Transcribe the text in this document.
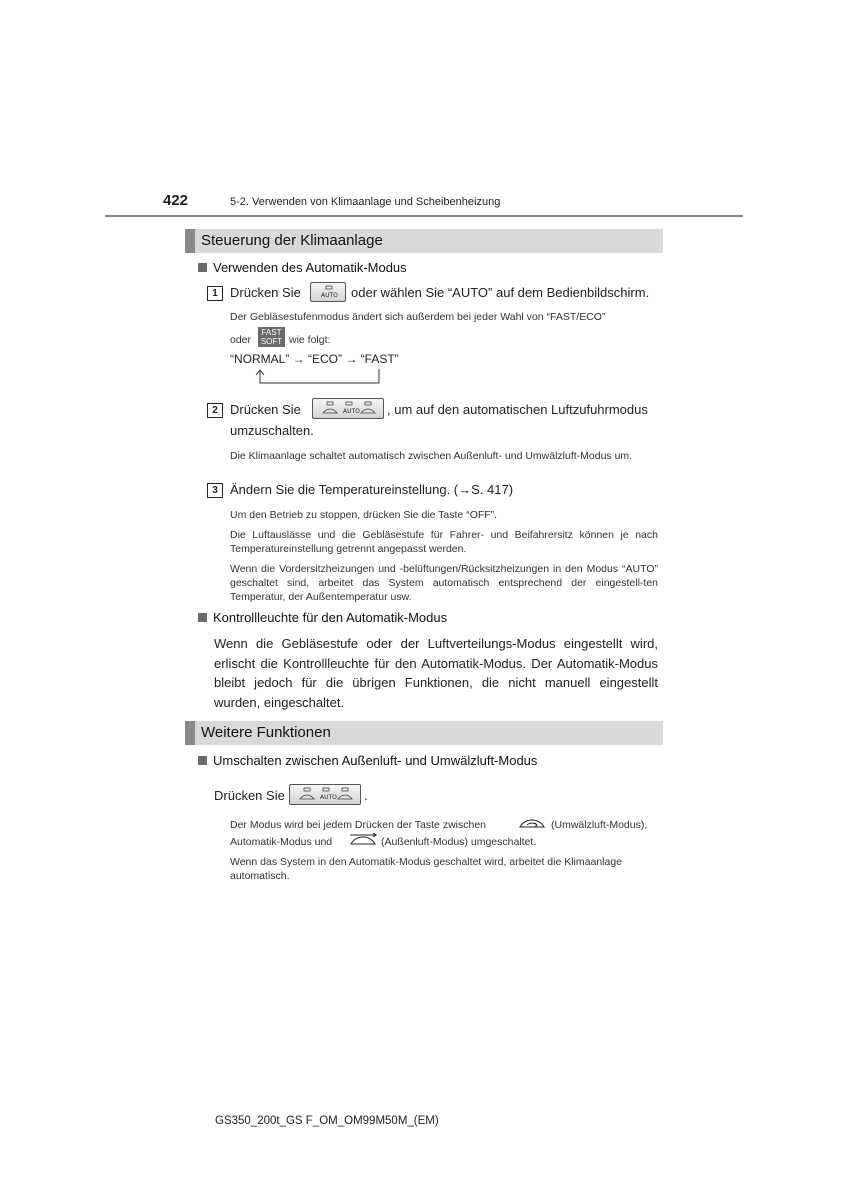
422	5-2. Verwenden von Klimaanlage und Scheibenheizung
Steuerung der Klimaanlage
Verwenden des Automatik-Modus
1 Drücken Sie	AUTO oder wählen Sie “AUTO” auf dem Bedienbildschirm.
Der Gebläsestufenmodus ändert sich außerdem bei jeder Wahl von “FAST/ECO”
oder
FAST
SOFT wie folgt:
“NORMAL” → “ECO” → “FAST”
2 Drücken Sie	AUTO , um auf den automatischen Luftzufuhrmodus
umzuschalten.
Die Klimaanlage schaltet automatisch zwischen Außenluft- und Umwälzluft-Modus um.
3 Ändern Sie die Temperatureinstellung. (→S. 417)
Um den Betrieb zu stoppen, drücken Sie die Taste “OFF”.
Die Luftauslässe und die Gebläsestufe für Fahrer- und Beifahrersitz können je nach Temperatureinstellung getrennt angepasst werden.
Wenn die Vordersitzheizungen und -belüftungen/Rücksitzheizungen in den Modus “AUTO” geschaltet sind, arbeitet das System automatisch entsprechend der eingestell-ten Temperatur, der Außentemperatur usw.
Kontrollleuchte für den Automatik-Modus
Wenn die Gebläsestufe oder der Luftverteilungs-Modus eingestellt wird, erlischt die Kontrollleuchte für den Automatik-Modus. Der Automatik-Modus bleibt jedoch für die übrigen Funktionen, die nicht manuell eingestellt wurden, eingeschaltet.
Weitere Funktionen
Umschalten zwischen Außenluft- und Umwälzluft-Modus
Drücken Sie	AUTO .
Der Modus wird bei jedem Drücken der Taste zwischen	(Umwälzluft-Modus),
Automatik-Modus und	(Außenluft-Modus) umgeschaltet.
Wenn das System in den Automatik-Modus geschaltet wird, arbeitet die Klimaanlage automatisch.
GS350_200t_GS F_OM_OM99M50M_(EM)
